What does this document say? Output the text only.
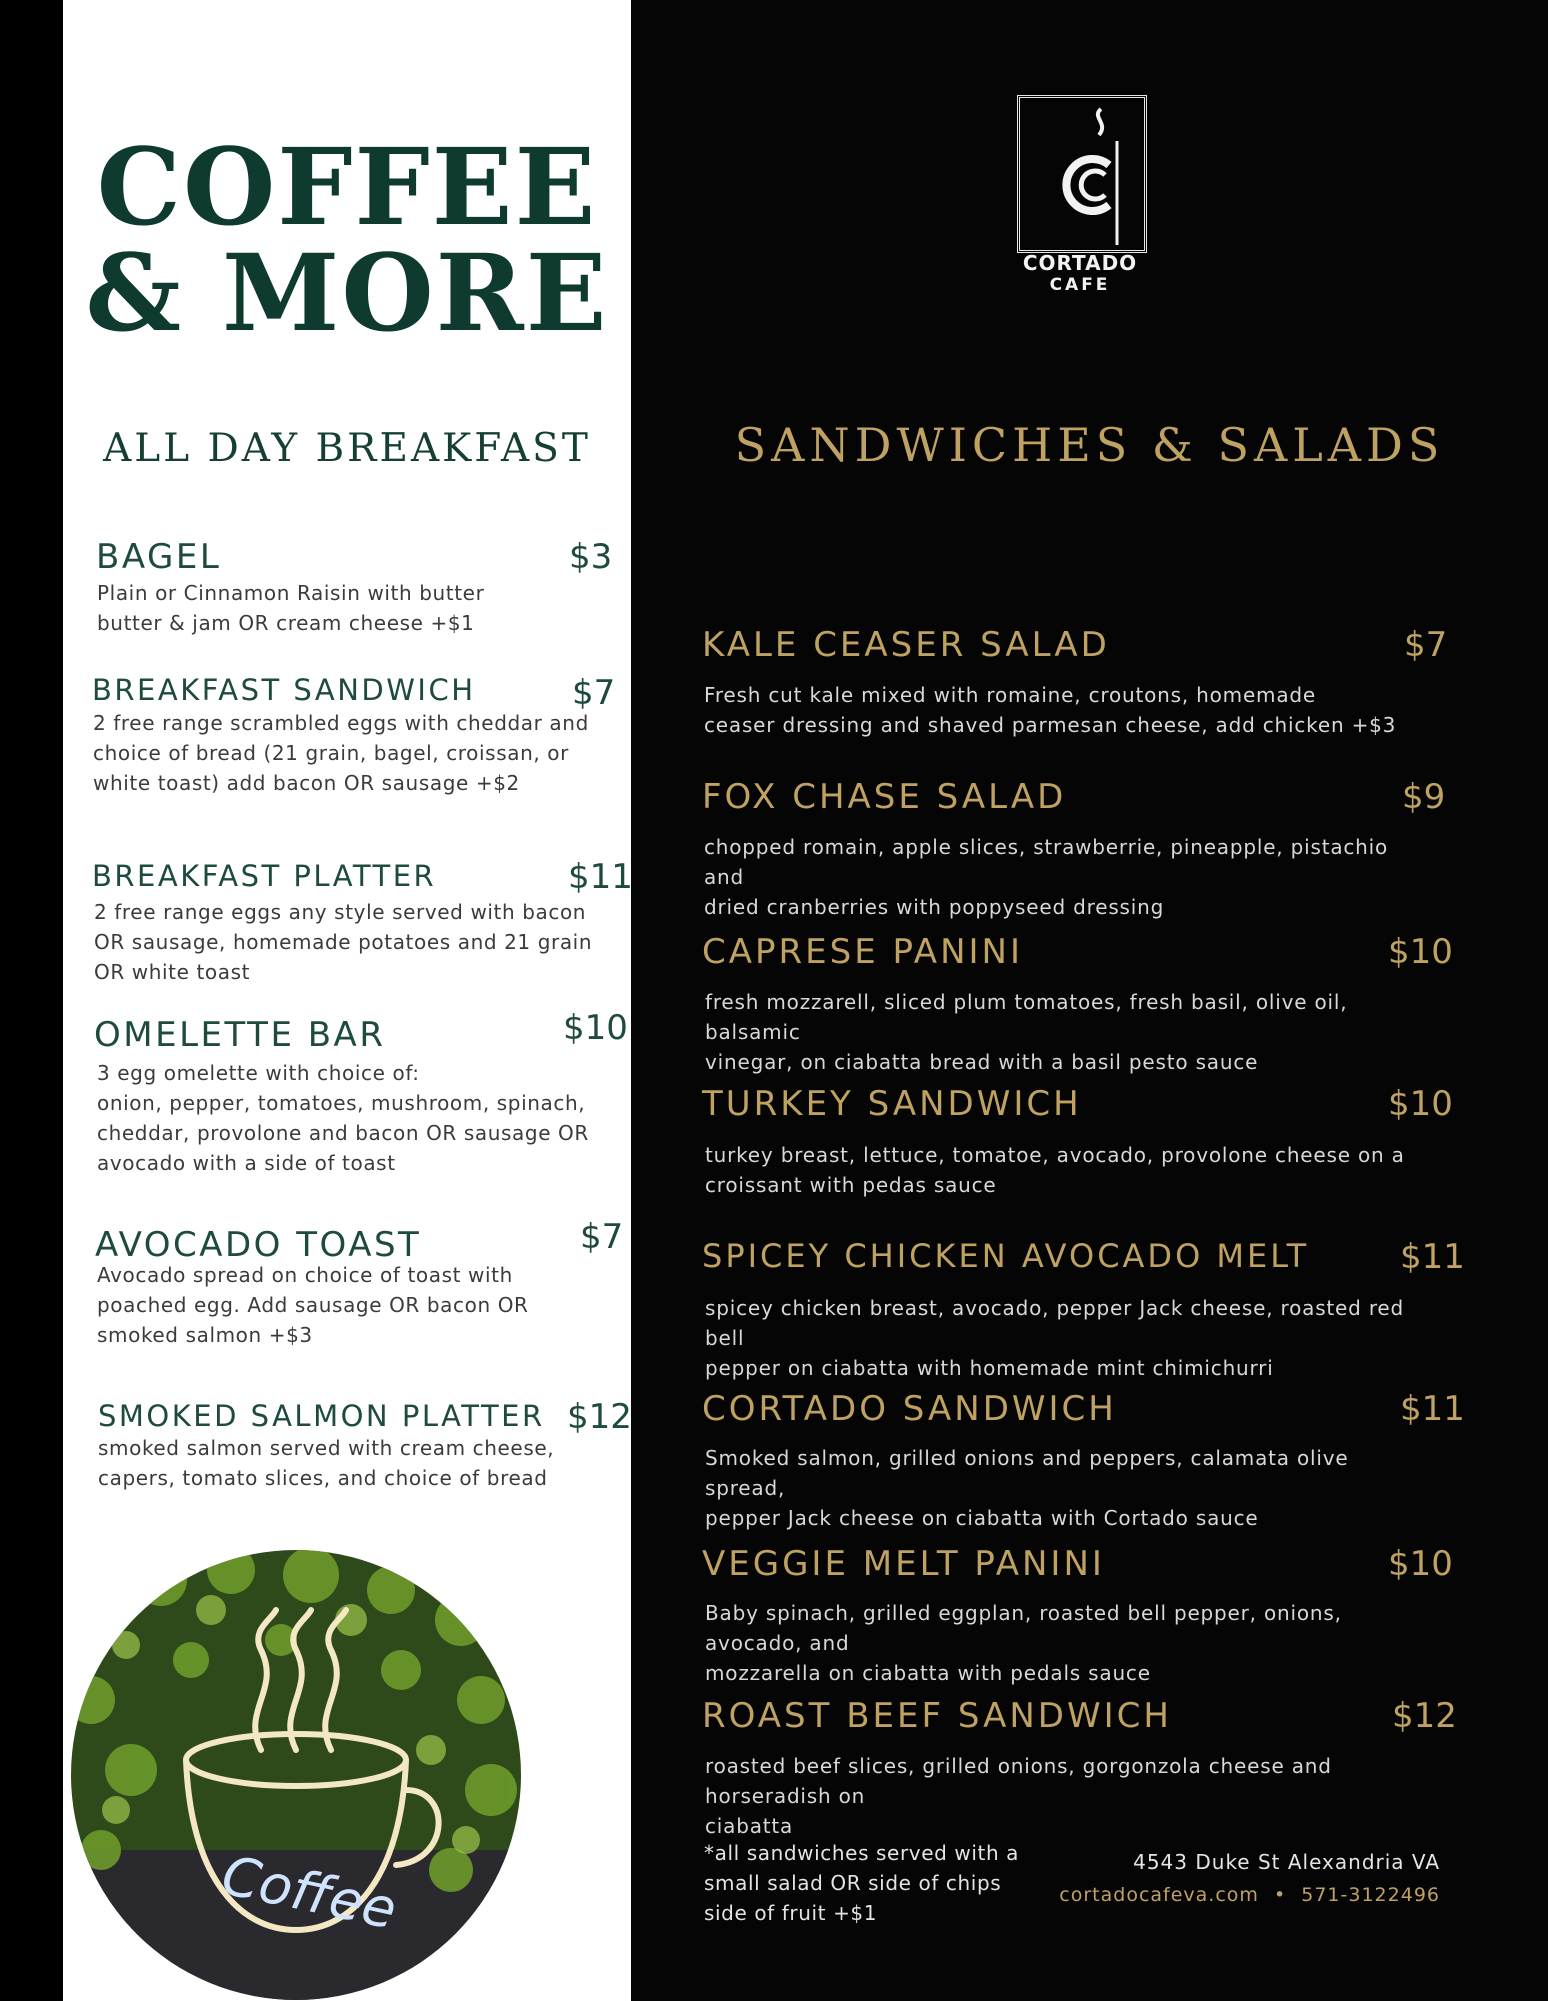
COFFEE
& MORE	CORTADO
CAFE
ALL DAY BREAKFAST	SANDWICHES & SALADS
BAGEL	$3
Plain or Cinnamon Raisin with butter
butter & jam OR cream cheese +$1
BREAKFAST SANDWICH	$7
2 free range scrambled eggs with cheddar and
choice of bread (21 grain, bagel, croissan, or
white toast) add bacon OR sausage +$2
BREAKFAST PLATTER	$11
2 free range eggs any style served with bacon
OR sausage, homemade potatoes and 21 grain
OR white toast
OMELETTE BAR	$10
3 egg omelette with choice of:
onion, pepper, tomatoes, mushroom, spinach,
cheddar, provolone and bacon OR sausage OR
avocado with a side of toast
AVOCADO TOAST	$7
Avocado spread on choice of toast with
poached egg. Add sausage OR bacon OR
smoked salmon +$3
SMOKED SALMON PLATTER $12
smoked salmon served with cream cheese,
capers, tomato slices, and choice of bread
KALE CEASER SALAD	$7
Fresh cut kale mixed with romaine, croutons, homemade
ceaser dressing and shaved parmesan cheese, add chicken +$3
FOX CHASE SALAD	$9
chopped romain, apple slices, strawberrie, pineapple, pistachio and
dried cranberries with poppyseed dressing
CAPRESE PANINI	$10
fresh mozzarell, sliced plum tomatoes, fresh basil, olive oil, balsamic
vinegar, on ciabatta bread with a basil pesto sauce
TURKEY SANDWICH	$10
turkey breast, lettuce, tomatoe, avocado, provolone cheese on a
croissant with pedas sauce
SPICEY CHICKEN AVOCADO MELT	$11
spicey chicken breast, avocado, pepper Jack cheese, roasted red bell
pepper on ciabatta with homemade mint chimichurri
CORTADO SANDWICH	$11
Smoked salmon, grilled onions and peppers, calamata olive spread,
pepper Jack cheese on ciabatta with Cortado sauce
VEGGIE MELT PANINI	$10
Baby spinach, grilled eggplan, roasted bell pepper, onions, avocado, and
mozzarella on ciabatta with pedals sauce
ROAST BEEF SANDWICH	$12
roasted beef slices, grilled onions, gorgonzola cheese and horseradish on
ciabatta
*all sandwiches served with a
small salad OR side of chips
side of fruit +$1
4543 Duke St Alexandria VA
cortadocafeva.com • 571-3122496
Coffee
